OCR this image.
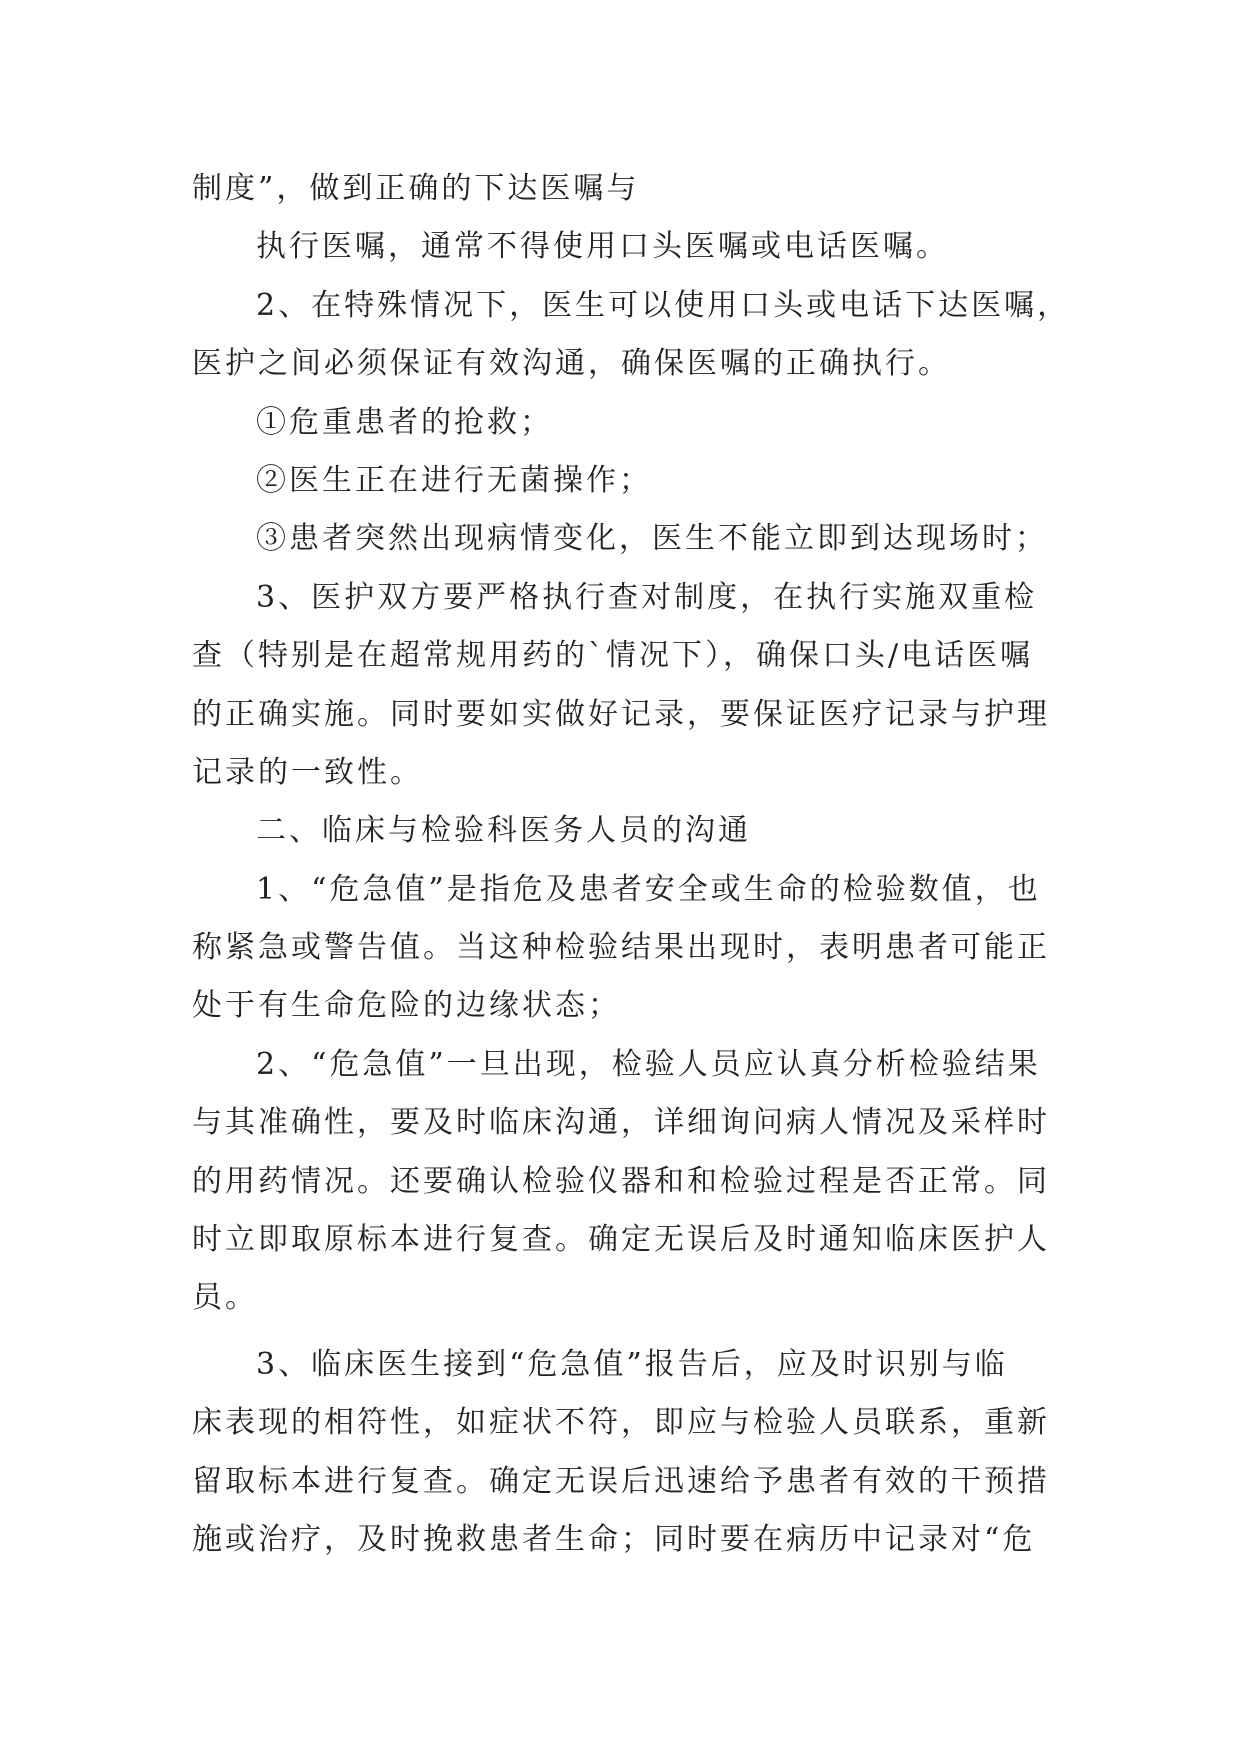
制度”，做到正确的下达医嘱与
执行医嘱，通常不得使用口头医嘱或电话医嘱。
2、在特殊情况下，医生可以使用口头或电话下达医嘱，
医护之间必须保证有效沟通，确保医嘱的正确执行。
①危重患者的抢救；
②医生正在进行无菌操作；
③患者突然出现病情变化，医生不能立即到达现场时；
3、医护双方要严格执行查对制度，在执行实施双重检
查（特别是在超常规用药的`情况下），确保口头/电话医嘱
的正确实施。同时要如实做好记录，要保证医疗记录与护理
记录的一致性。
二、临床与检验科医务人员的沟通
1、“危急值”是指危及患者安全或生命的检验数值，也
称紧急或警告值。当这种检验结果出现时，表明患者可能正
处于有生命危险的边缘状态；
2、“危急值”一旦出现，检验人员应认真分析检验结果
与其准确性，要及时临床沟通，详细询问病人情况及采样时
的用药情况。还要确认检验仪器和和检验过程是否正常。同
时立即取原标本进行复查。确定无误后及时通知临床医护人
员。
3、临床医生接到“危急值”报告后，应及时识别与临
床表现的相符性，如症状不符，即应与检验人员联系，重新
留取标本进行复查。确定无误后迅速给予患者有效的干预措
施或治疗，及时挽救患者生命；同时要在病历中记录对“危
